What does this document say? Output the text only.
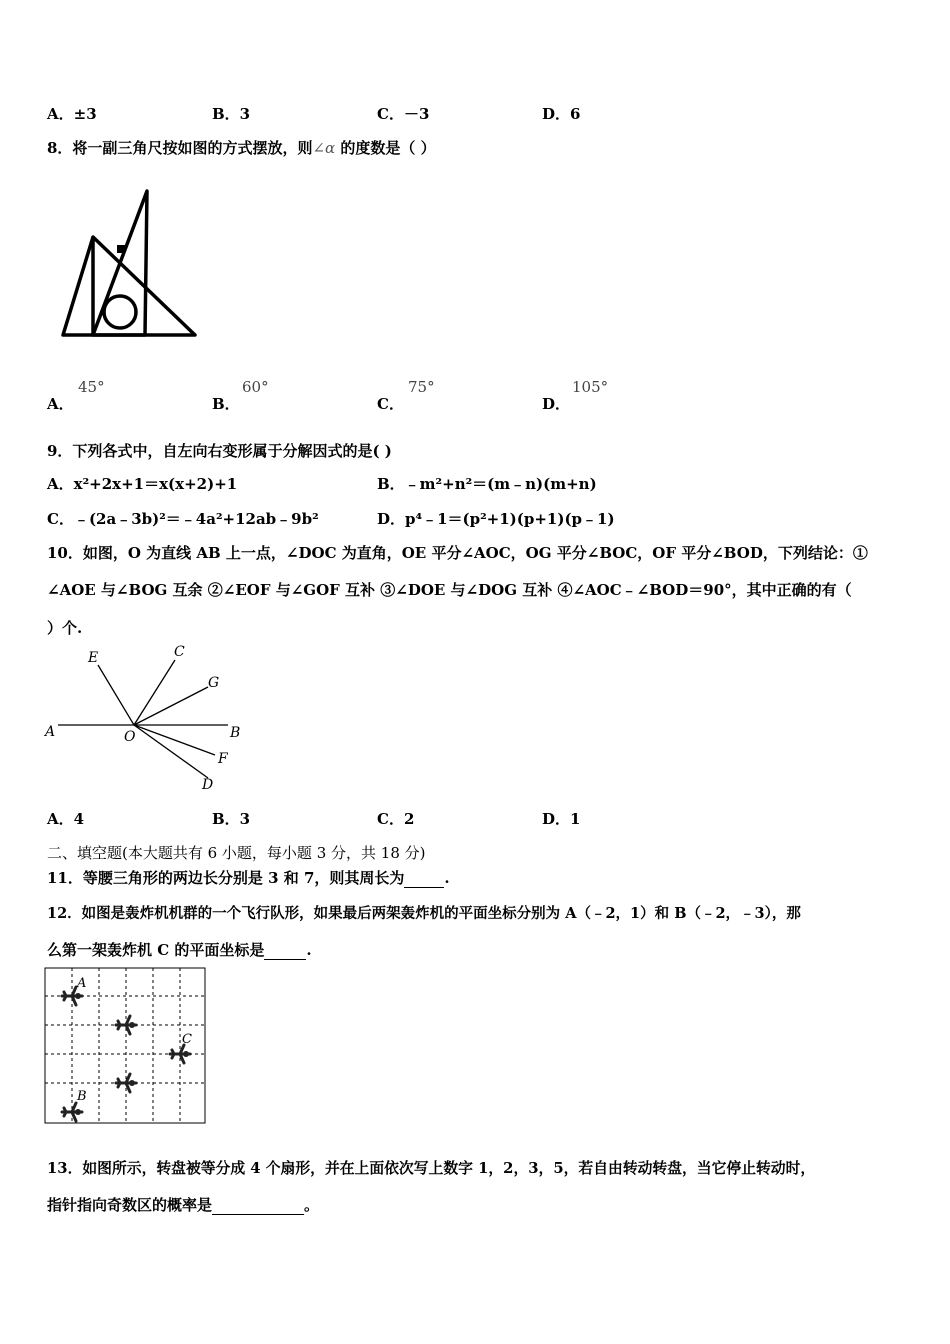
A．±3	B．3	C．－3	D．6
8．将一副三角尺按如图的方式摆放，则∠α 的度数是（ ）
A．
45°
B．
60°
C．
75°
D．
105°
9．下列各式中，自左向右变形属于分解因式的是( )
A．x²+2x+1＝x(x+2)+1	B．﹣m²+n²＝(m﹣n)(m+n)
C．﹣(2a﹣3b)²＝﹣4a²+12ab﹣9b²	D．p⁴﹣1＝(p²+1)(p+1)(p﹣1)
10．如图，O 为直线 AB 上一点，∠DOC 为直角，OE 平分∠AOC，OG 平分∠BOC，OF 平分∠BOD，下列结论：①
∠AOE 与∠BOG 互余 ②∠EOF 与∠GOF 互补 ③∠DOE 与∠DOG 互补 ④∠AOC﹣∠BOD＝90°，其中正确的有（
）个.
E	C
G
A	O	B
F
D
A．4	B．3	C．2	D．1
二、填空题(本大题共有 6 小题，每小题 3 分，共 18 分)
11．等腰三角形的两边长分别是 3 和 7，则其周长为	.
12．如图是轰炸机机群的一个飞行队形，如果最后两架轰炸机的平面坐标分别为 A（﹣2，1）和 B（﹣2，﹣3），那
么第一架轰炸机 C 的平面坐标是	.
A
C
B
13．如图所示，转盘被等分成 4 个扇形，并在上面依次写上数字 1，2，3，5，若自由转动转盘，当它停止转动时，
指针指向奇数区的概率是	。
